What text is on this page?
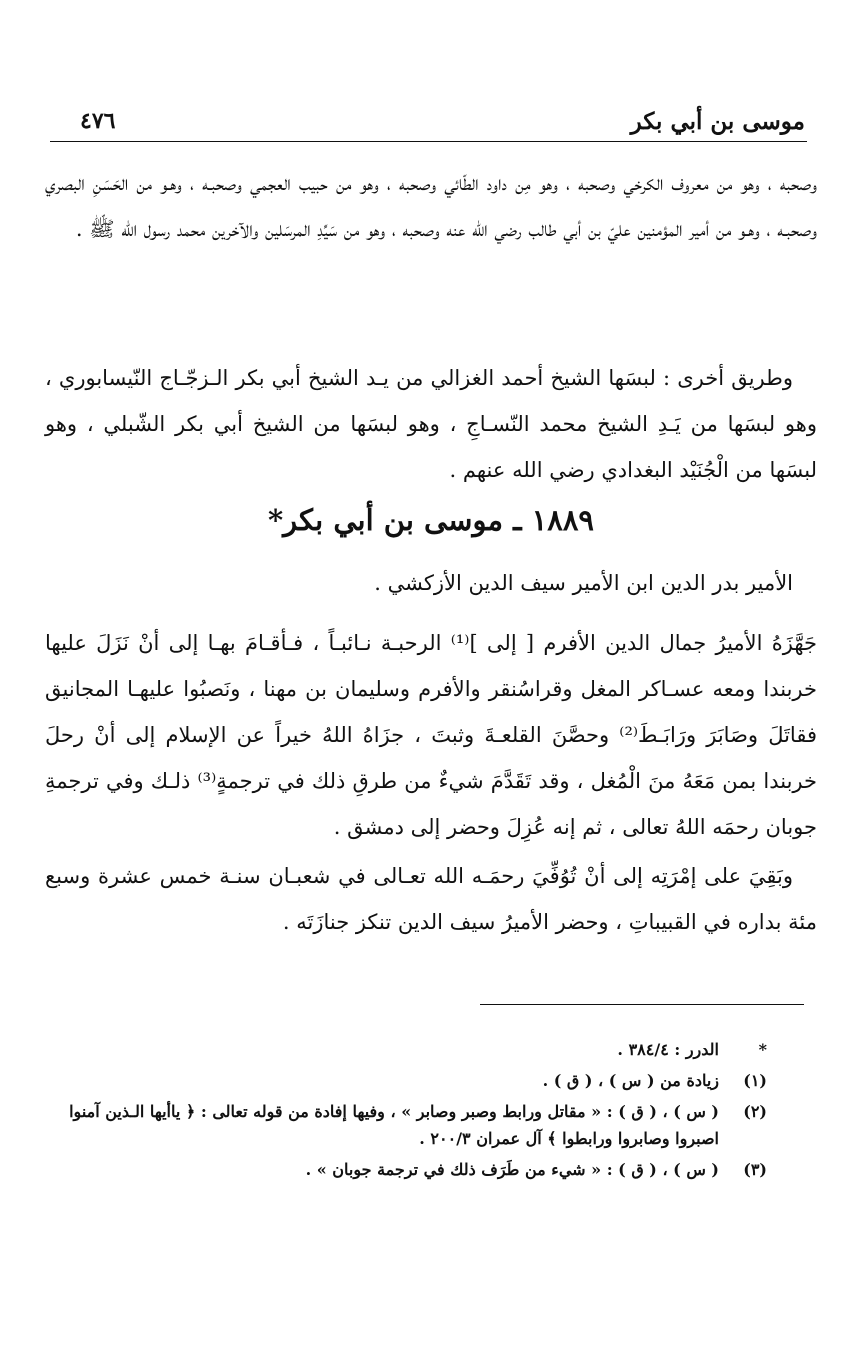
موسى بن أبي بكر
٤٧٦

وصحبه ، وهو من معروف الكرخي وصحبه ، وهو مِن داود الطّائي وصحبه ، وهو من حبيب العجمي وصحبـه ، وهـو من الحَسَنِ البصري وصحبـه ، وهـو من أمير المؤمنين عليّ بن أبي طالب رضي الله عنه وصحبه ، وهو من سَيِّدِ المرسَلين والآخرين محمد رسول الله ﷺ .

وطريق أخرى : لبسَها الشيخ أحمد الغزالي من يـد الشيخ أبي بكر الـزجّـاج النّيسابوري ، وهو لبسَها من يَـدِ الشيخ محمد النّسـاجِ ، وهو لبسَها من الشيخ أبي بكر الشّبلي ، وهو لبسَها من الْجُنَيْد البغدادي رضي الله عنهم .

١٨٨٩ ـ موسى بن أبي بكر*

الأمير بدر الدين ابن الأمير سيف الدين الأزكشي .

جَهَّزَهُ الأميرُ جمال الدين الأفرم [ إلى ]⁽¹⁾ الرحبـة نـائبـاً ، فـأقـامَ بهـا إلى أنْ نَزَلَ عليها خربندا ومعه عسـاكر المغل وقراسُنقر والأفرم وسليمان بن مهنا ، ونَصبُوا عليهـا المجانيق فقاتَلَ وصَابَرَ ورَابَـطَ⁽²⁾ وحصَّنَ القلعـةَ وثبتَ ، جزَاهُ اللهُ خيراً عن الإسلام إلى أنْ رحلَ خربندا بمن مَعَهُ منَ الْمُغل ، وقد تَقَدَّمَ شيءٌ من طرقِ ذلك في ترجمةٍ⁽³⁾ ذلـك وفي ترجمةِ جوبان رحمَه اللهُ تعالى ، ثم إنه عُزِلَ وحضر إلى دمشق .

وبَقِيَ على إمْرَتِه إلى أنْ تُوُفِّيَ رحمَـه الله تعـالى في شعبـان سنـة خمس عشرة وسبع مئة بداره في القبيباتِ ، وحضر الأميرُ سيف الدين تنكز جنازَتَه .

*
الدرر : ٣٨٤/٤ .
(١)
زيادة من ( س ) ، ( ق ) .
(٢)
( س ) ، ( ق ) : « مقاتل ورابط وصبر وصابر » ، وفيها إفادة من قوله تعالى : ﴿ ياأيها الـذين آمنوا اصبروا وصابروا ورابطوا ﴾ آل عمران ٢٠٠/٣ .
(٣)
( س ) ، ( ق ) : « شيء من طَرَف ذلك في ترجمة جوبان » .
